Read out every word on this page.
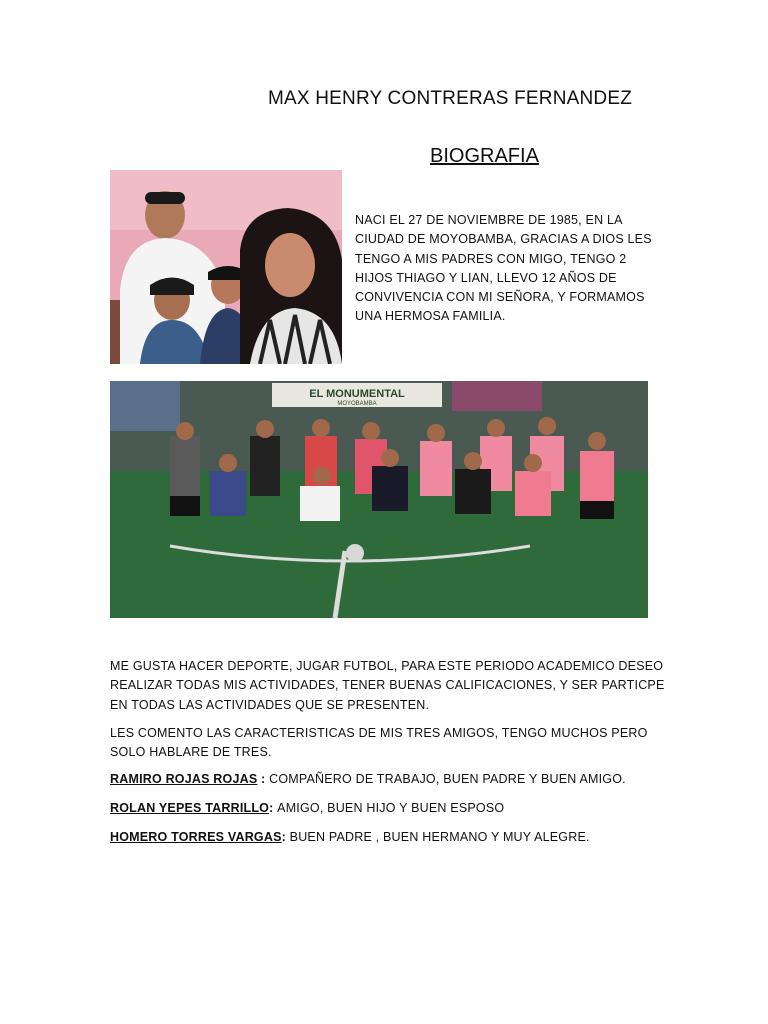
MAX HENRY CONTRERAS FERNANDEZ
BIOGRAFIA
NACI EL 27 DE NOVIEMBRE DE 1985, EN LA CIUDAD DE MOYOBAMBA, GRACIAS A DIOS LES TENGO A MIS PADRES CON MIGO, TENGO 2 HIJOS THIAGO Y LIAN, LLEVO 12 AÑOS DE CONVIVENCIA CON MI SEÑORA, Y FORMAMOS UNA HERMOSA FAMILIA.
EL MONUMENTAL
MOYOBAMBA
ME GUSTA HACER DEPORTE, JUGAR FUTBOL, PARA ESTE PERIODO ACADEMICO DESEO REALIZAR TODAS MIS ACTIVIDADES, TENER BUENAS CALIFICACIONES, Y SER PARTICPE EN TODAS LAS ACTIVIDADES QUE SE PRESENTEN.
LES COMENTO LAS CARACTERISTICAS DE MIS TRES AMIGOS, TENGO MUCHOS PERO SOLO HABLARE DE TRES.
RAMIRO ROJAS ROJAS : COMPAÑERO DE TRABAJO, BUEN PADRE Y BUEN AMIGO.
ROLAN YEPES TARRILLO: AMIGO, BUEN HIJO Y BUEN ESPOSO
HOMERO TORRES VARGAS: BUEN PADRE , BUEN HERMANO Y MUY ALEGRE.
